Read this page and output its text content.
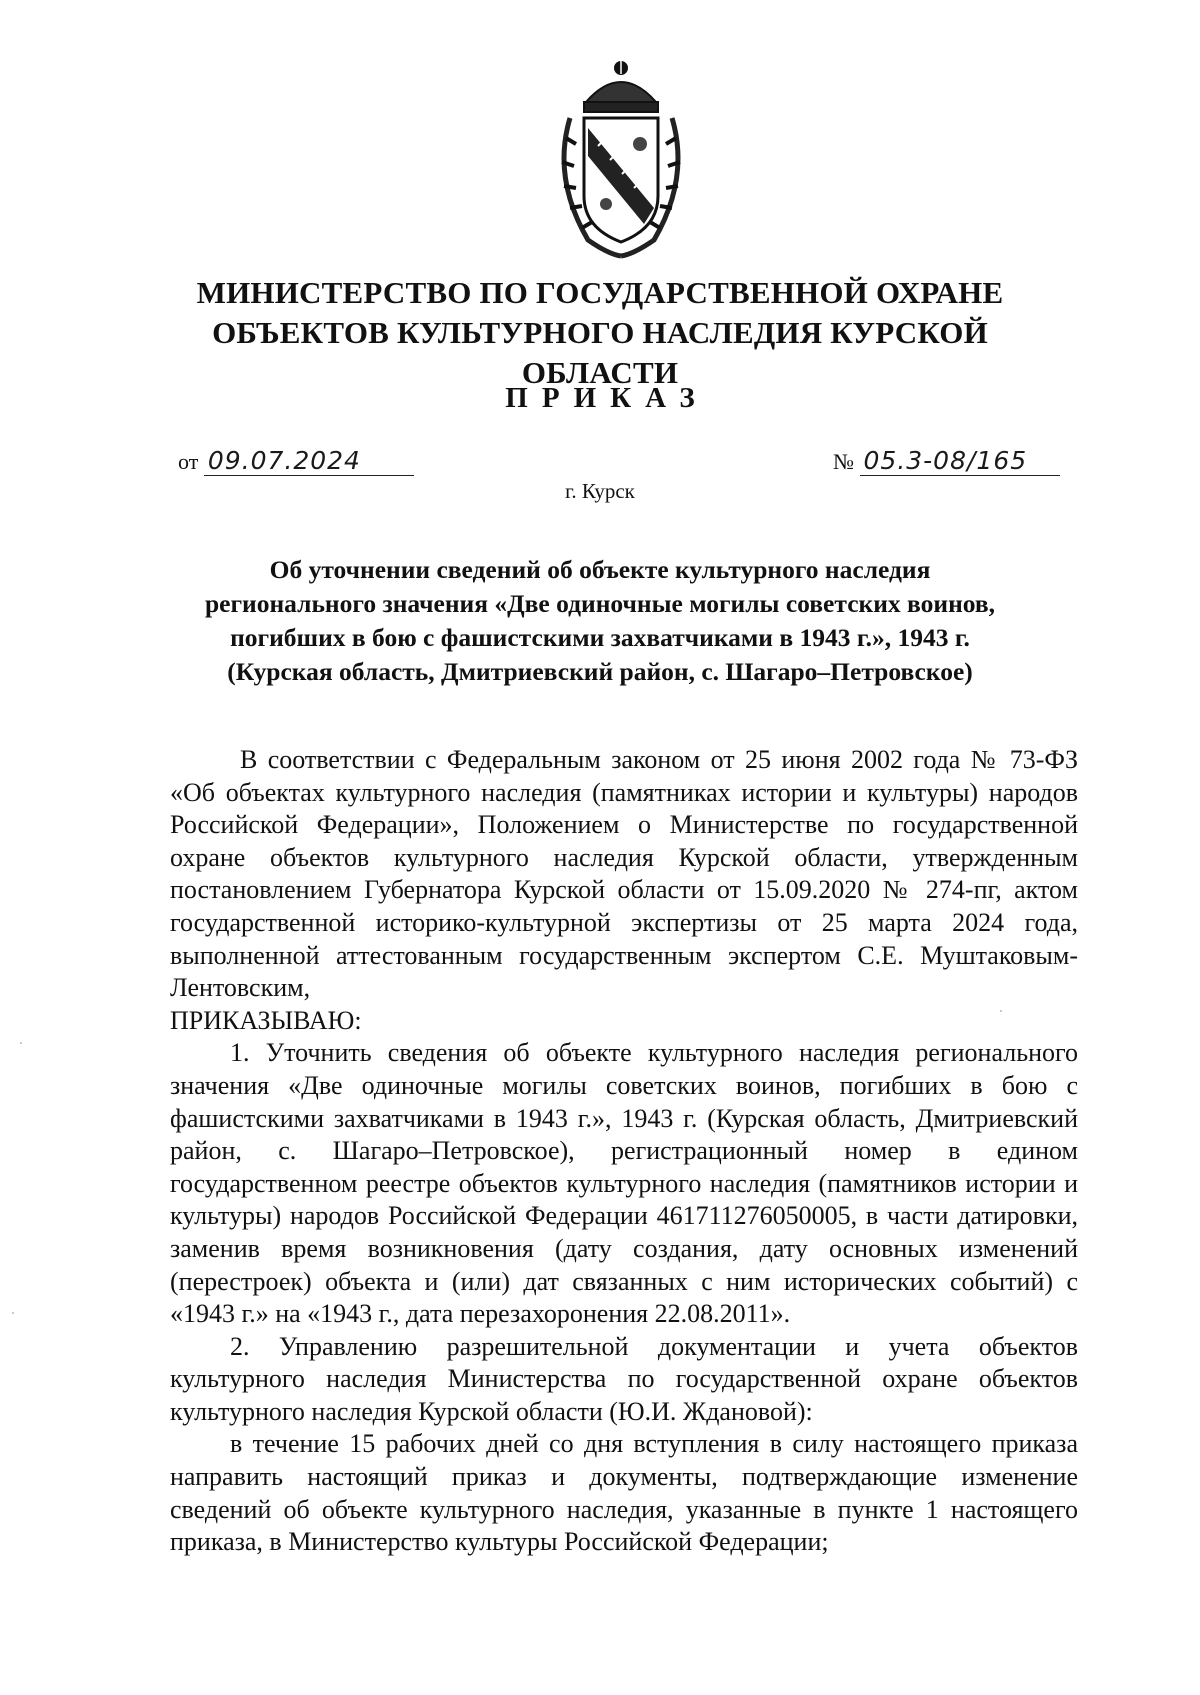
МИНИСТЕРСТВО ПО ГОСУДАРСТВЕННОЙ ОХРАНЕ
ОБЪЕКТОВ КУЛЬТУРНОГО НАСЛЕДИЯ КУРСКОЙ ОБЛАСТИ
ПРИКАЗ
от 09.07.2024	№ 05.3-08/165
г. Курск
Об уточнении сведений об объекте культурного наследия
регионального значения «Две одиночные могилы советских воинов,
погибших в бою с фашистскими захватчиками в 1943 г.», 1943 г.
(Курская область, Дмитриевский район, с. Шагаро–Петровское)

В соответствии с Федеральным законом от 25 июня 2002 года № 73-ФЗ «Об объектах культурного наследия (памятниках истории и культуры) народов Российской Федерации», Положением о Министерстве по государственной охране объектов культурного наследия Курской области, утвержденным постановлением Губернатора Курской области от 15.09.2020 № 274-пг, актом государственной историко-культурной экспертизы от 25 марта 2024 года, выполненной аттестованным государственным экспертом С.Е. Муштаковым-Лентовским,

ПРИКАЗЫВАЮ:

1. Уточнить сведения об объекте культурного наследия регионального значения «Две одиночные могилы советских воинов, погибших в бою с фашистскими захватчиками в 1943 г.», 1943 г. (Курская область, Дмитриевский район, с. Шагаро–Петровское), регистрационный номер в едином государственном реестре объектов культурного наследия (памятников истории и культуры) народов Российской Федерации 461711276050005, в части датировки, заменив время возникновения (дату создания, дату основных изменений (перестроек) объекта и (или) дат связанных с ним исторических событий) с «1943 г.» на «1943 г., дата перезахоронения 22.08.2011».

2. Управлению разрешительной документации и учета объектов культурного наследия Министерства по государственной охране объектов культурного наследия Курской области (Ю.И. Ждановой):

в течение 15 рабочих дней со дня вступления в силу настоящего приказа направить настоящий приказ и документы, подтверждающие изменение сведений об объекте культурного наследия, указанные в пункте 1 настоящего приказа, в Министерство культуры Российской Федерации;
